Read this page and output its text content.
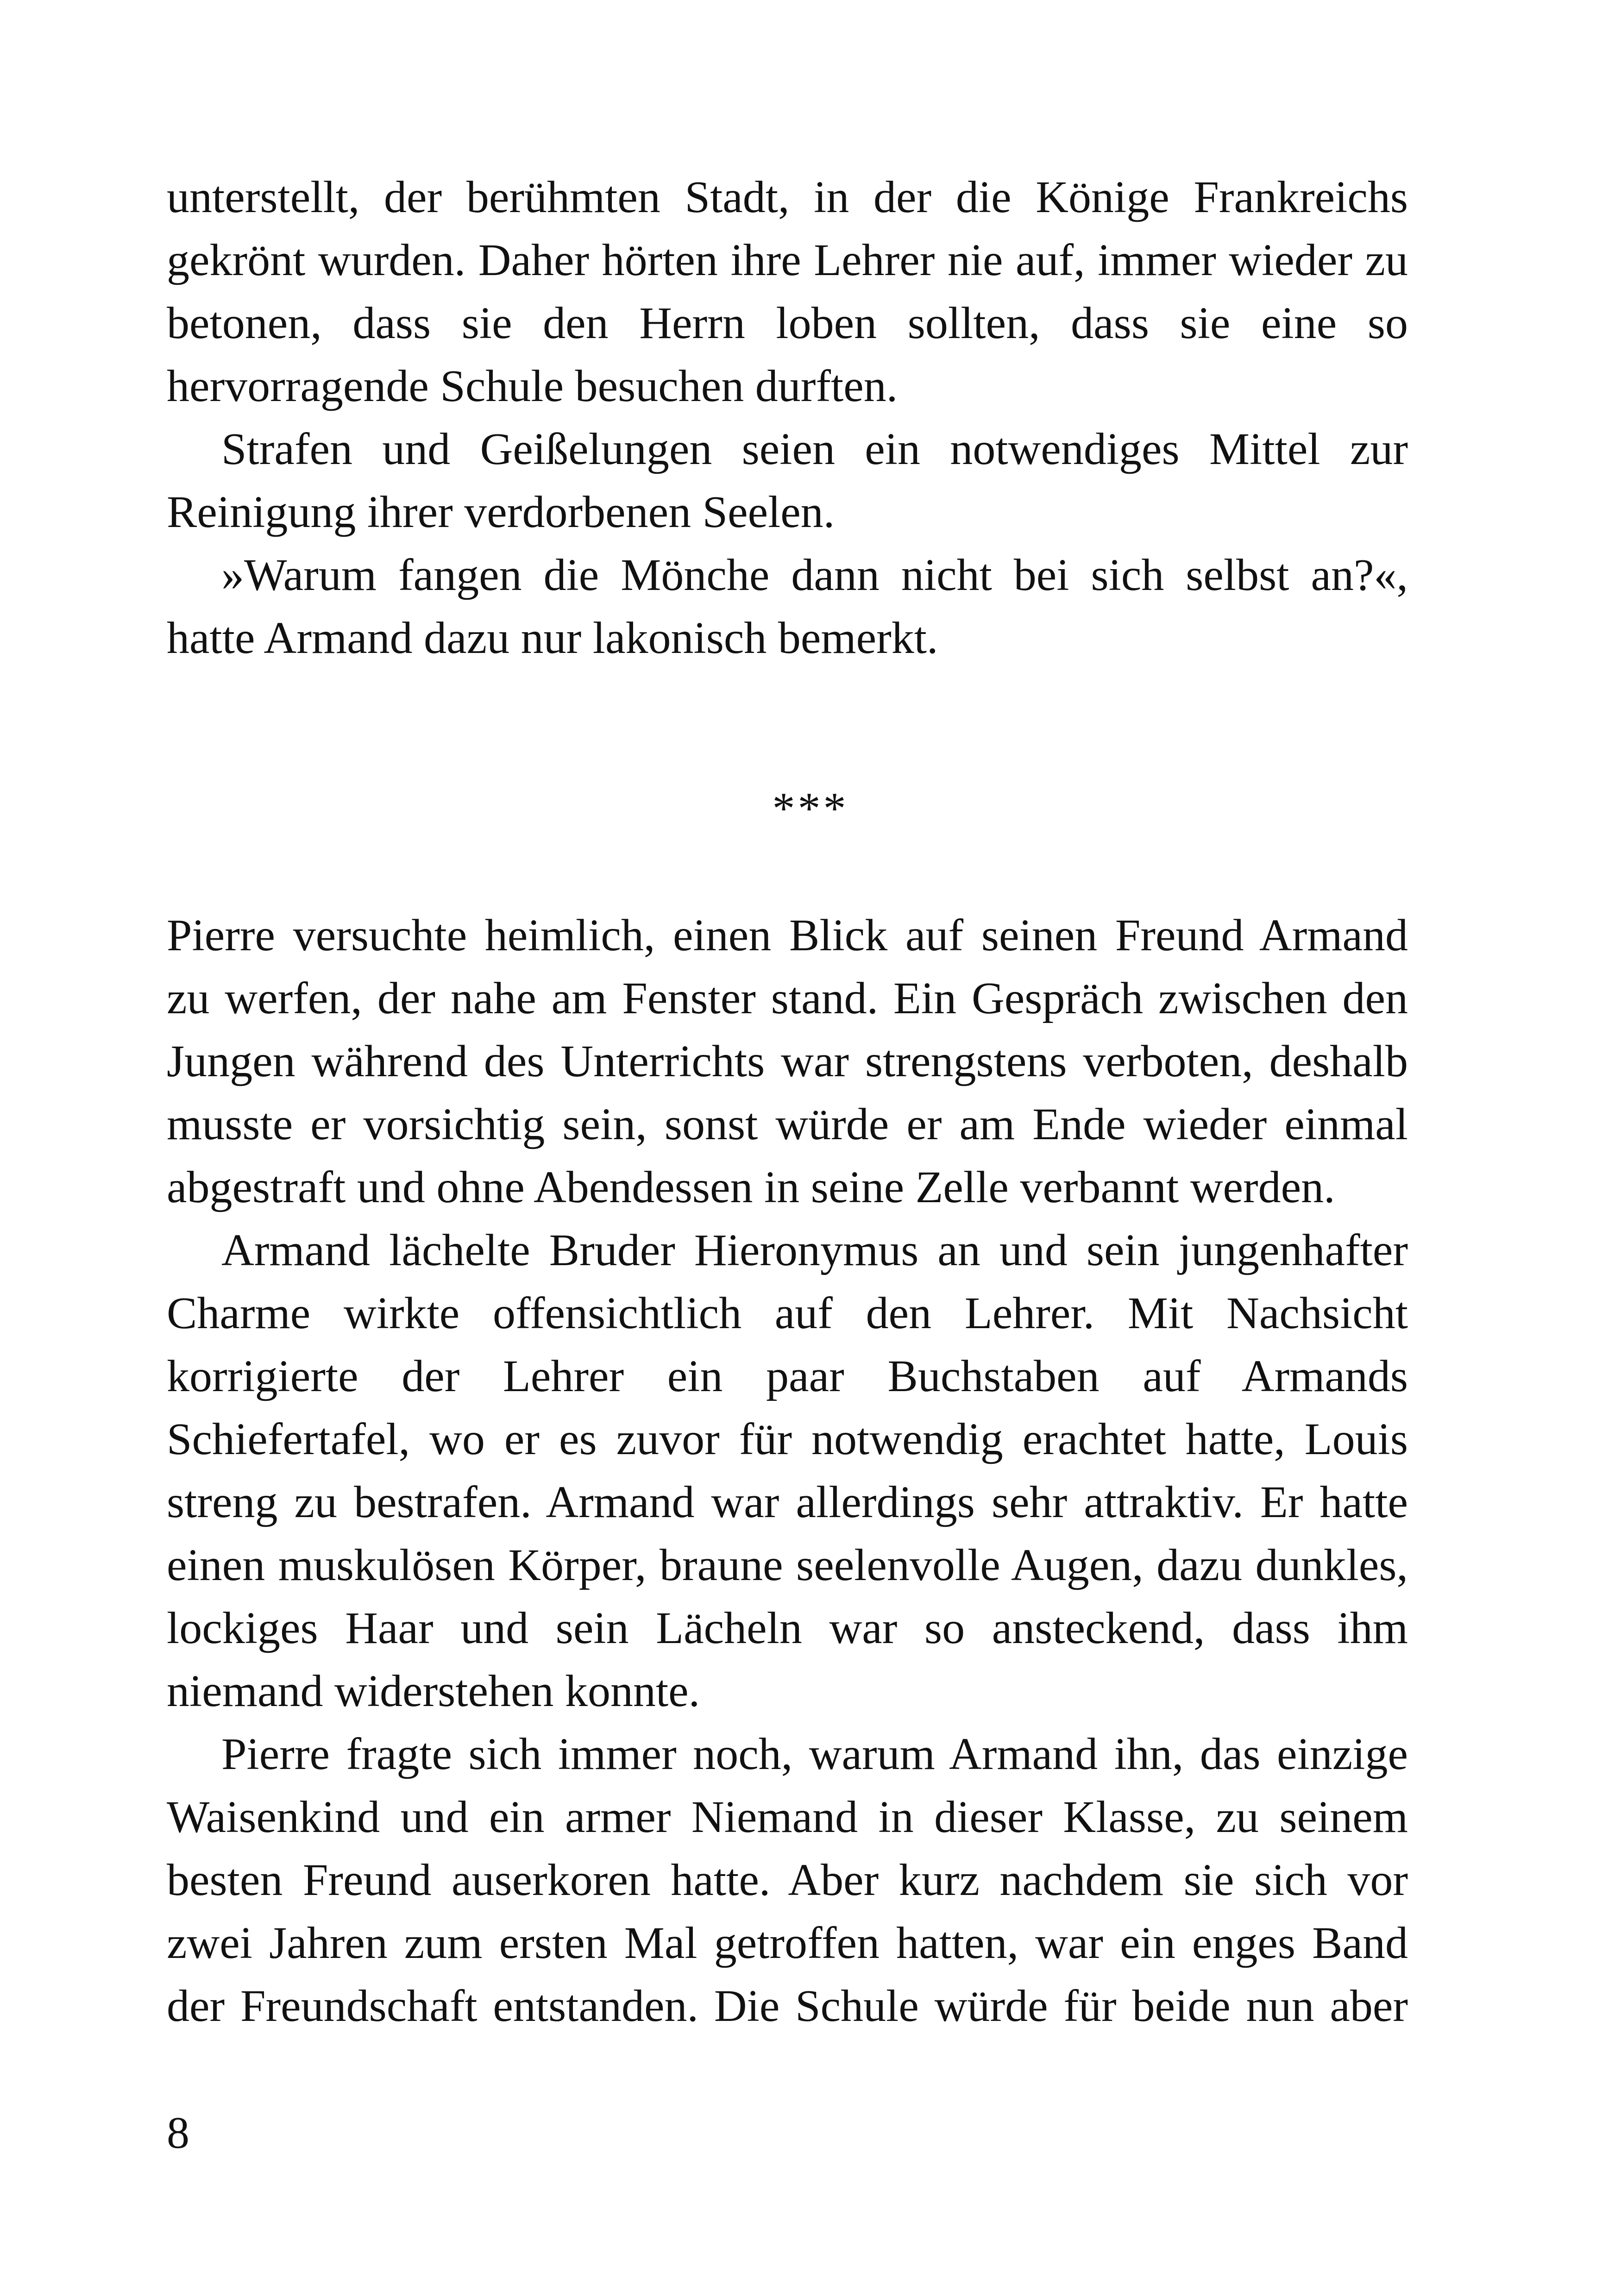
unterstellt, der berühmten Stadt, in der die Könige Frankreichs gekrönt wurden. Daher hörten ihre Lehrer nie auf, immer wieder zu betonen, dass sie den Herrn loben sollten, dass sie eine so hervorragende Schule besuchen durften.

Strafen und Geißelungen seien ein notwendiges Mittel zur Reinigung ihrer verdorbenen Seelen.

»Warum fangen die Mönche dann nicht bei sich selbst an?«, hatte Armand dazu nur lakonisch bemerkt.

***

Pierre versuchte heimlich, einen Blick auf seinen Freund Armand zu werfen, der nahe am Fenster stand. Ein Gespräch zwischen den Jungen während des Unterrichts war strengstens verboten, deshalb musste er vorsichtig sein, sonst würde er am Ende wieder einmal abgestraft und ohne Abendessen in seine Zelle verbannt werden.

Armand lächelte Bruder Hieronymus an und sein jungenhafter Charme wirkte offensichtlich auf den Lehrer. Mit Nachsicht korrigierte der Lehrer ein paar Buchstaben auf Armands Schiefertafel, wo er es zuvor für notwendig erachtet hatte, Louis streng zu bestrafen. Armand war allerdings sehr attraktiv. Er hatte einen muskulösen Körper, braune seelenvolle Augen, dazu dunkles, lockiges Haar und sein Lächeln war so ansteckend, dass ihm niemand widerstehen konnte.

Pierre fragte sich immer noch, warum Armand ihn, das einzige Waisenkind und ein armer Niemand in dieser Klasse, zu seinem besten Freund auserkoren hatte. Aber kurz nachdem sie sich vor zwei Jahren zum ersten Mal getroffen hatten, war ein enges Band der Freundschaft entstanden. Die Schule würde für beide nun aber

8
